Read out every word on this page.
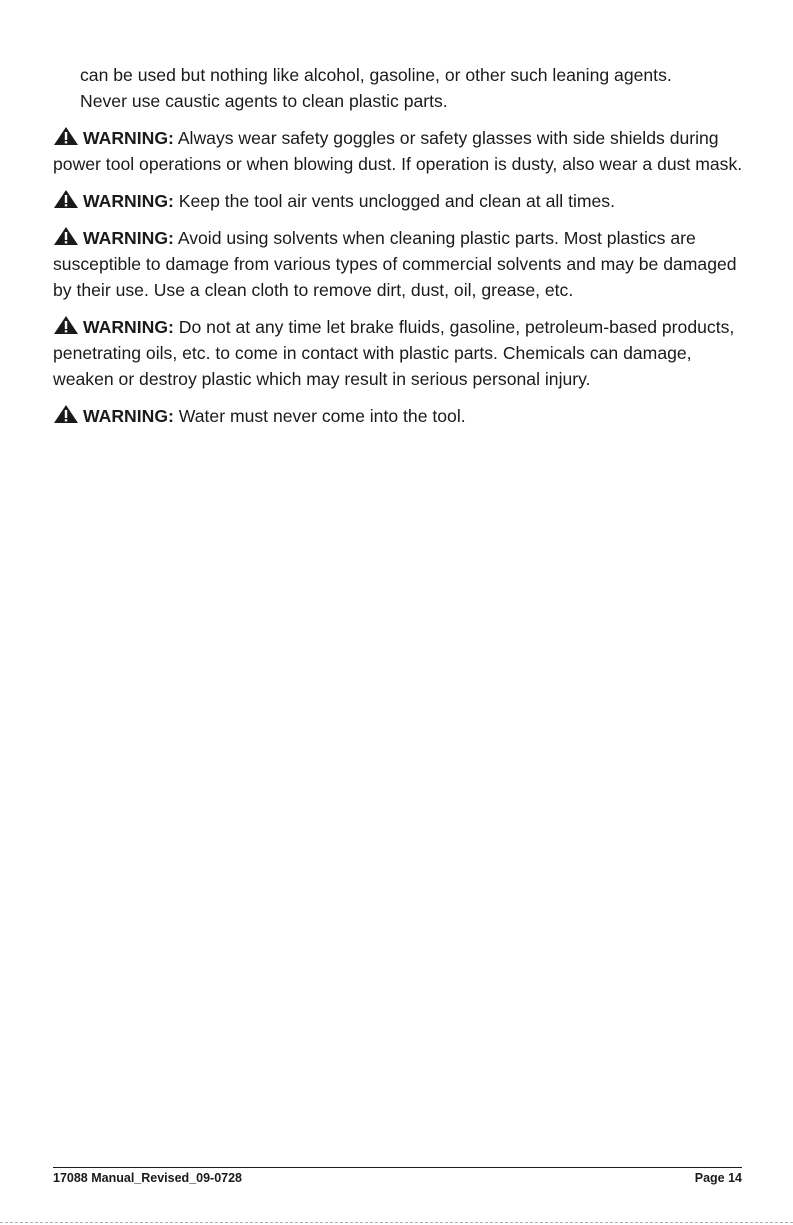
can be used but nothing like alcohol, gasoline, or other such leaning agents.

Never use caustic agents to clean plastic parts.

WARNING: Always wear safety goggles or safety glasses with side shields during power tool operations or when blowing dust. If operation is dusty, also wear a dust mask.
WARNING: Keep the tool air vents unclogged and clean at all times.
WARNING: Avoid using solvents when cleaning plastic parts. Most plastics are susceptible to damage from various types of commercial solvents and may be damaged by their use. Use a clean cloth to remove dirt, dust, oil, grease, etc.
WARNING: Do not at any time let brake fluids, gasoline, petroleum-based products, penetrating oils, etc. to come in contact with plastic parts. Chemicals can damage, weaken or destroy plastic which may result in serious personal injury.
WARNING: Water must never come into the tool.
17088 Manual_Revised_09-0728	Page 14
